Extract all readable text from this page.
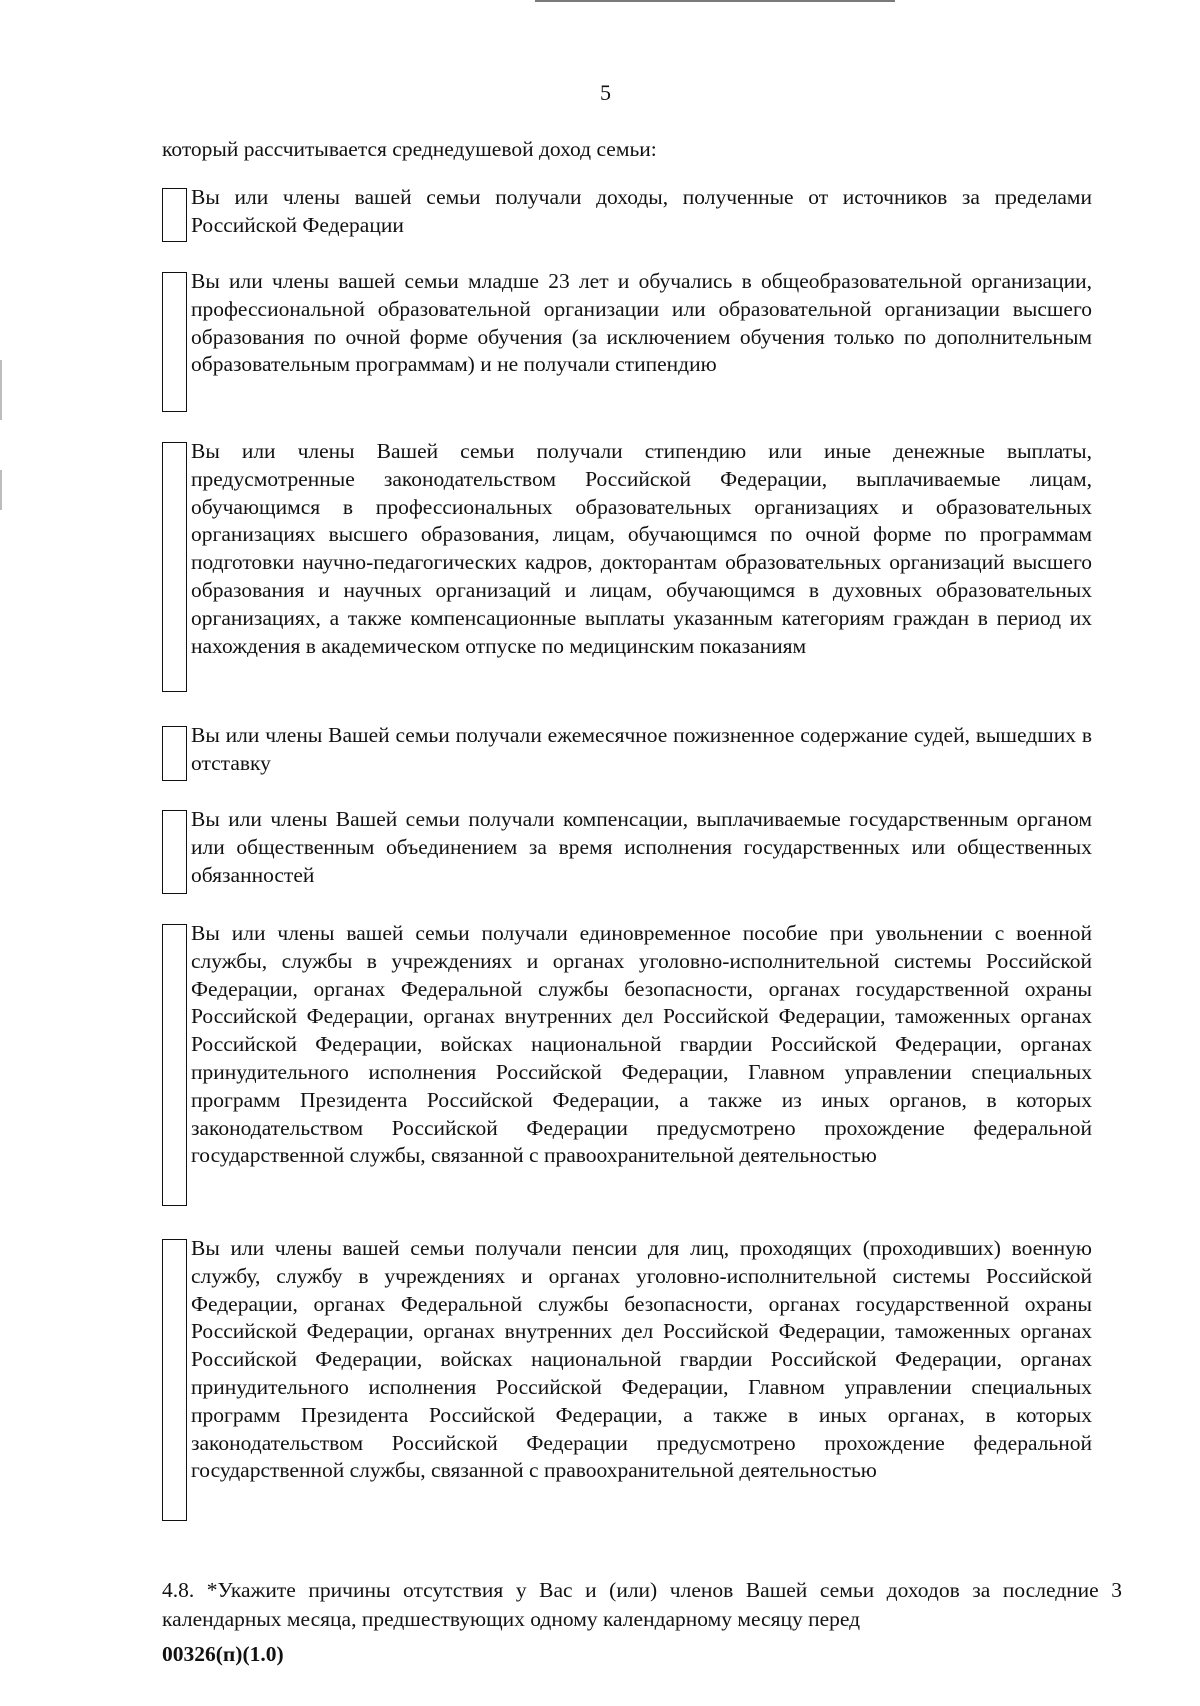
5
который рассчитывается среднедушевой доход семьи:

Вы или члены вашей семьи получали доходы, полученные от источников за пределами Российской Федерации

Вы или члены вашей семьи младше 23 лет и обучались в общеобразовательной организации, профессиональной образовательной организации или образовательной организации высшего образования по очной форме обучения (за исключением обучения только по дополнительным образовательным программам) и не получали стипендию

Вы или члены Вашей семьи получали стипендию или иные денежные выплаты, предусмотренные законодательством Российской Федерации, выплачиваемые лицам, обучающимся в профессиональных образовательных организациях и образовательных организациях высшего образования, лицам, обучающимся по очной форме по программам подготовки научно-педагогических кадров, докторантам образовательных организаций высшего образования и научных организаций и лицам, обучающимся в духовных образовательных организациях, а также компенсационные выплаты указанным категориям граждан в период их нахождения в академическом отпуске по медицинским показаниям

Вы или члены Вашей семьи получали ежемесячное пожизненное содержание судей, вышедших в отставку

Вы или члены Вашей семьи получали компенсации, выплачиваемые государственным органом или общественным объединением за время исполнения государственных или общественных обязанностей

Вы или члены вашей семьи получали единовременное пособие при увольнении с военной службы, службы в учреждениях и органах уголовно-исполнительной системы Российской Федерации, органах Федеральной службы безопасности, органах государственной охраны Российской Федерации, органах внутренних дел Российской Федерации, таможенных органах Российской Федерации, войсках национальной гвардии Российской Федерации, органах принудительного исполнения Российской Федерации, Главном управлении специальных программ Президента Российской Федерации, а также из иных органов, в которых законодательством Российской Федерации предусмотрено прохождение федеральной государственной службы, связанной с правоохранительной деятельностью

Вы или члены вашей семьи получали пенсии для лиц, проходящих (проходивших) военную службу, службу в учреждениях и органах уголовно-исполнительной системы Российской Федерации, органах Федеральной службы безопасности, органах государственной охраны Российской Федерации, органах внутренних дел Российской Федерации, таможенных органах Российской Федерации, войсках национальной гвардии Российской Федерации, органах принудительного исполнения Российской Федерации, Главном управлении специальных программ Президента Российской Федерации, а также в иных органах, в которых законодательством Российской Федерации предусмотрено прохождение федеральной государственной службы, связанной с правоохранительной деятельностью

4.8. *Укажите причины отсутствия у Вас и (или) членов Вашей семьи доходов за последние 3 календарных месяца, предшествующих одному календарному месяцу перед

00326(п)(1.0)
